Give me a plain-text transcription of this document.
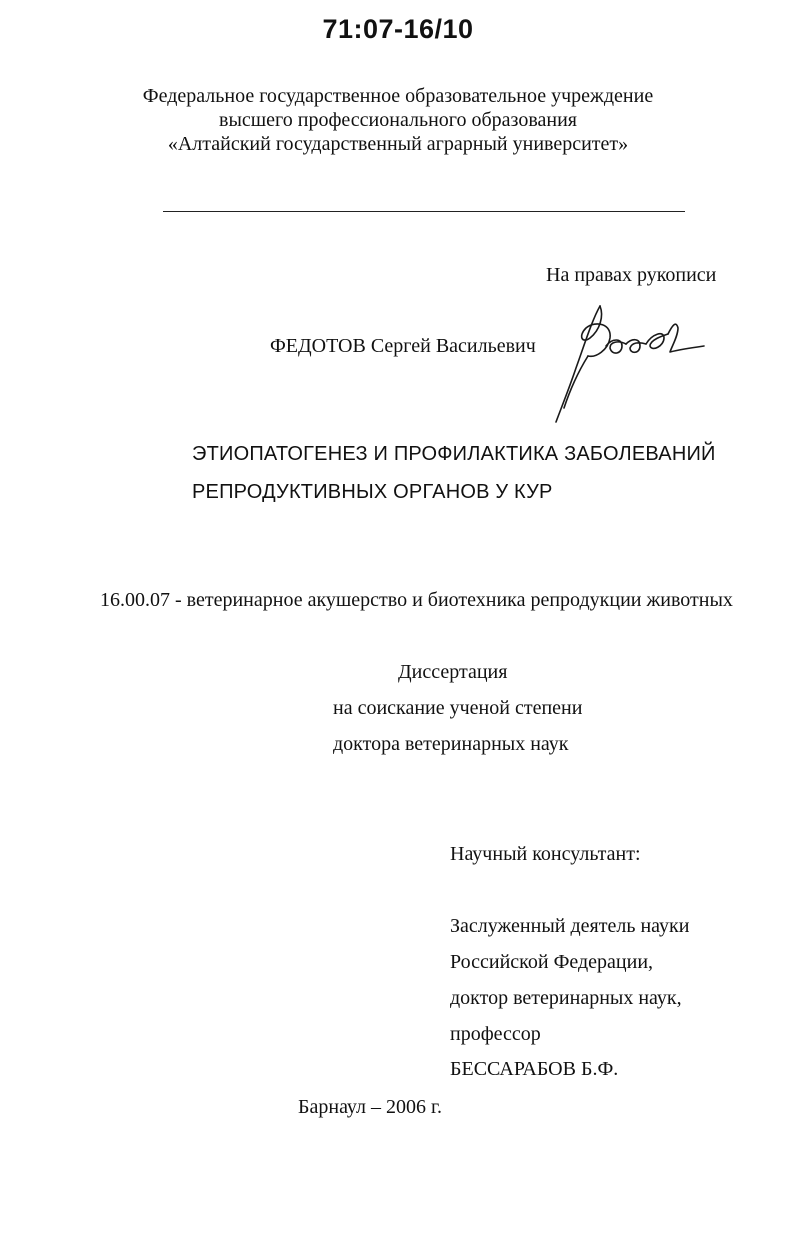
71:07-16/10
Федеральное государственное образовательное учреждение
высшего профессионального образования
«Алтайский государственный аграрный университет»
На правах рукописи
ФЕДОТОВ Сергей Васильевич
ЭТИОПАТОГЕНЕЗ И ПРОФИЛАКТИКА ЗАБОЛЕВАНИЙ
РЕПРОДУКТИВНЫХ ОРГАНОВ У КУР
16.00.07 - ветеринарное акушерство и биотехника репродукции животных
Диссертация
на соискание ученой степени
доктора ветеринарных наук
Научный консультант:
Заслуженный деятель науки
Российской Федерации,
доктор ветеринарных наук,
профессор
БЕССАРАБОВ Б.Ф.
Барнаул – 2006 г.
